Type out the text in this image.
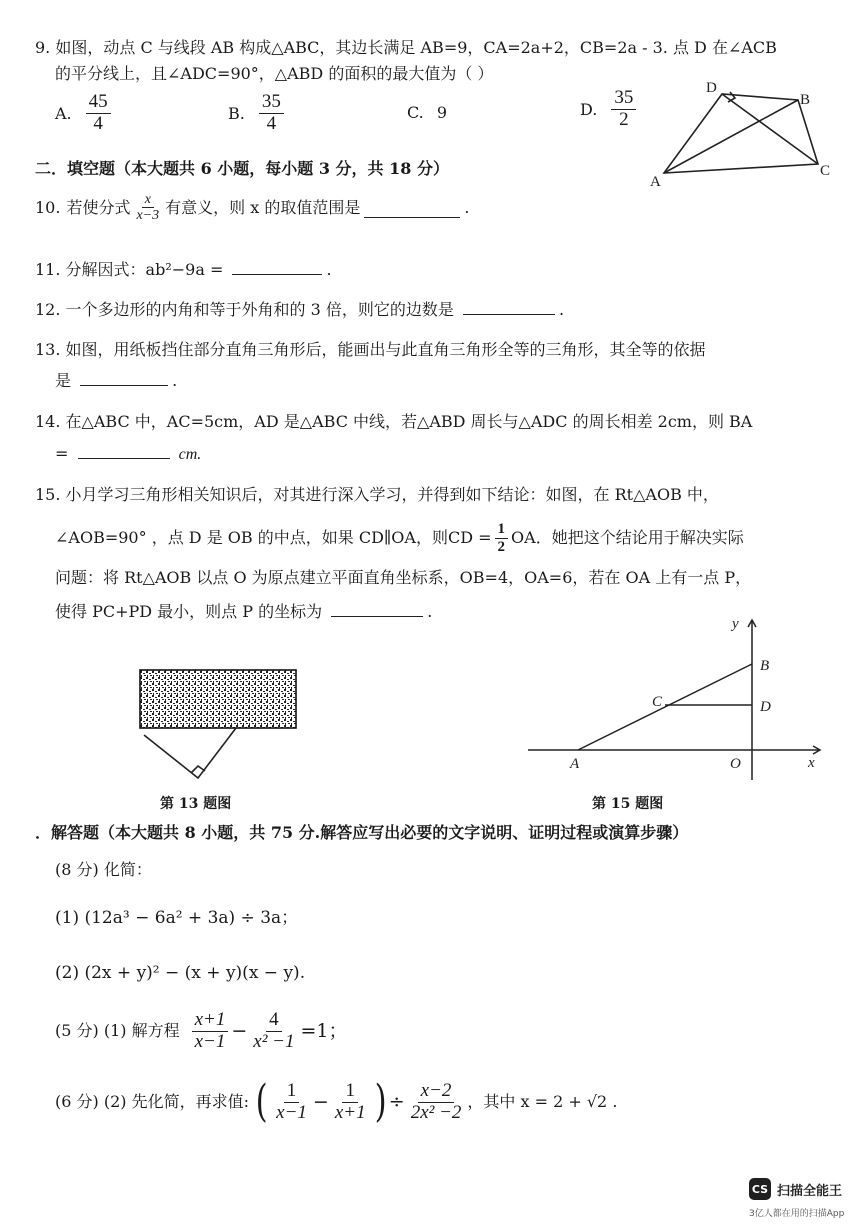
9. 如图，动点 C 与线段 AB 构成△ABC，其边长满足 AB=9，CA=2a+2，CB=2a - 3. 点 D 在∠ACB
的平分线上，且∠ADC=90°，△ABD 的面积的最大值为（ ）
A. $\frac{45}{4}$	B. $\frac{35}{4}$	C. 9	D. $\frac{35}{2}$
A
D
B
C
二．填空题（本大题共 6 小题，每小题 3 分，共 18 分）
10. 若使分式 $\frac{x}{x-3}$ 有意义，则 x 的取值范围是	.
11. 分解因式：ab²−9a =	.
12. 一个多边形的内角和等于外角和的 3 倍，则它的边数是	.
13. 如图，用纸板挡住部分直角三角形后，能画出与此直角三角形全等的三角形，其全等的依据
是	.
14. 在△ABC 中，AC=5cm，AD 是△ABC 中线，若△ABD 周长与△ADC 的周长相差 2cm，则 BA
=	cm.
15. 小月学习三角形相关知识后，对其进行深入学习，并得到如下结论：如图，在 Rt△AOB 中，
∠AOB=90° ，点 D 是 OB 的中点，如果 CD∥OA，则CD = $\frac{1}{2}$ OA．她把这个结论用于解决实际
问题：将 Rt△AOB 以点 O 为原点建立平面直角坐标系，OB=4，OA=6，若在 OA 上有一点 P，
使得 PC+PD 最小，则点 P 的坐标为	.
第 13 题图
y
x
B
C	D
A	O
第 15 题图
．解答题（本大题共 8 小题，共 75 分.解答应写出必要的文字说明、证明过程或演算步骤）
(8 分) 化简：
(1) (12a³ − 6a² + 3a) ÷ 3a；
(2) (2x + y)² − (x + y)(x − y).
(5 分) (1) 解方程 $\frac{x+1}{x-1} - \frac{4}{\text{x² −1}} =1$；
(6 分) (2) 先化简，再求值: ( $\frac{1}{x-1} - \frac{1}{x+1}$ ) ÷ $\frac{x-2}{\text{2x² −2}}$ ，其中 x = 2 + √2 .
CS 扫描全能王
3亿人都在用的扫描App
